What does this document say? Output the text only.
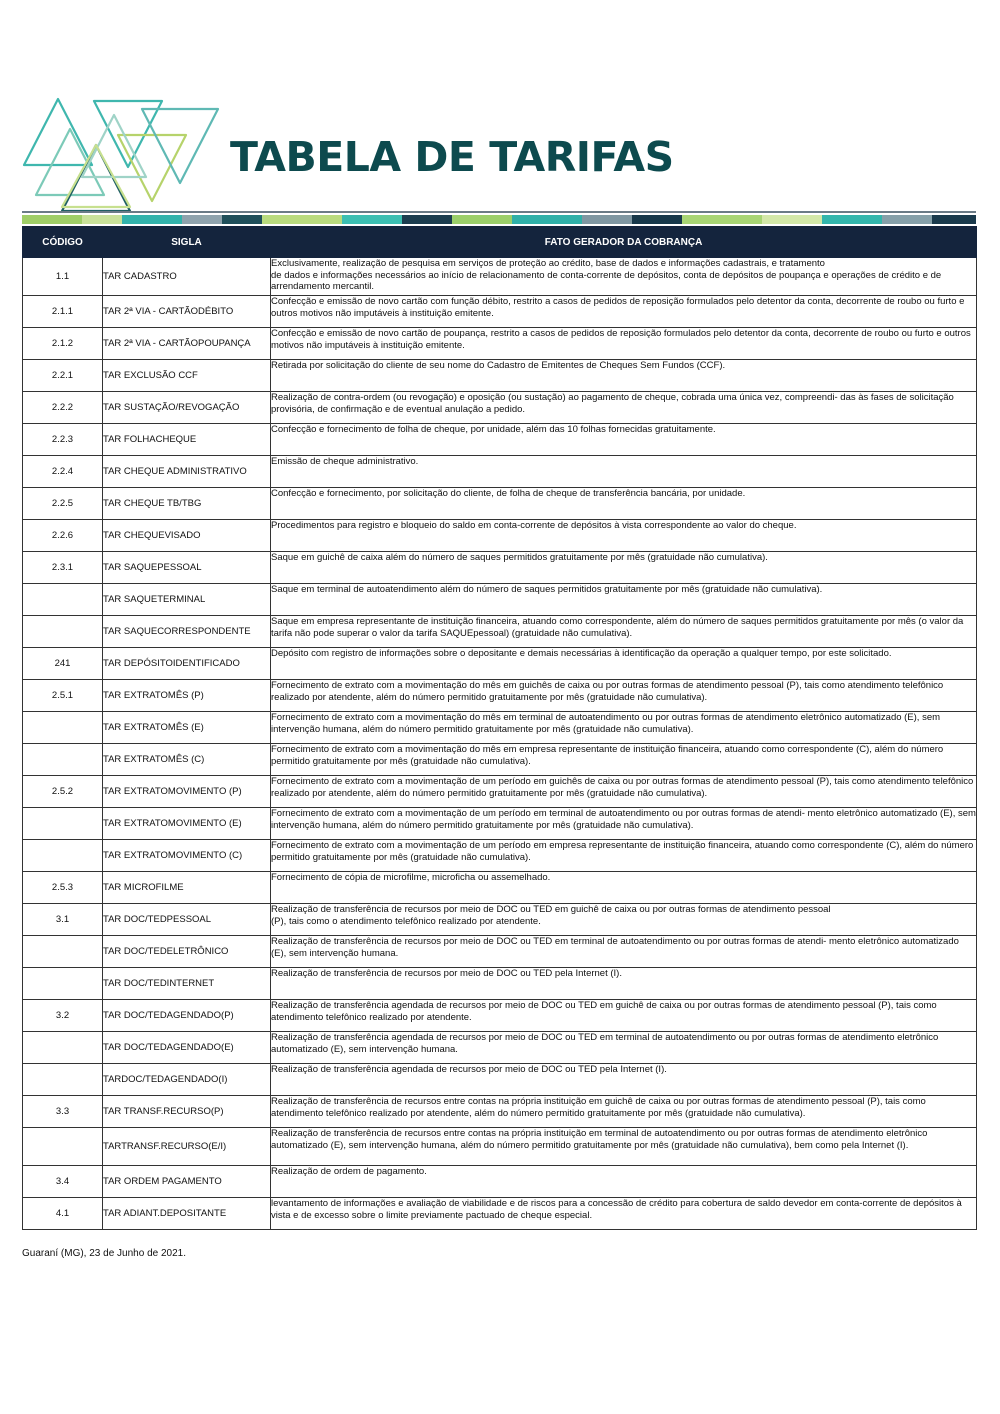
TABELA DE TARIFAS
CÓDIGO	SIGLA	FATO GERADOR DA COBRANÇA
1.1	TAR CADASTRO	Exclusivamente, realização de pesquisa em serviços de proteção ao crédito, base de dados e informações cadastrais, e tratamento
de dados e informações necessários ao início de relacionamento de conta-corrente de depósitos, conta de depósitos de poupança e operações de crédito e de arrendamento mercantil.
2.1.1	TAR 2ª VIA - CARTÃODÉBITO	Confecção e emissão de novo cartão com função débito, restrito a casos de pedidos de reposição formulados pelo detentor da conta, decorrente de roubo ou furto e outros motivos não imputáveis à instituição emitente.
2.1.2	TAR 2ª VIA - CARTÃOPOUPANÇA	Confecção e emissão de novo cartão de poupança, restrito a casos de pedidos de reposição formulados pelo detentor da conta, decorrente de roubo ou furto e outros motivos não imputáveis à instituição emitente.
2.2.1	TAR EXCLUSÃO CCF	Retirada por solicitação do cliente de seu nome do Cadastro de Emitentes de Cheques Sem Fundos (CCF).
2.2.2	TAR SUSTAÇÃO/REVOGAÇÃO	Realização de contra-ordem (ou revogação) e oposição (ou sustação) ao pagamento de cheque, cobrada uma única vez, compreendi- das às fases de solicitação provisória, de confirmação e de eventual anulação a pedido.
2.2.3	TAR FOLHACHEQUE	Confecção e fornecimento de folha de cheque, por unidade, além das 10 folhas fornecidas gratuitamente.
2.2.4	TAR CHEQUE ADMINISTRATIVO	Emissão de cheque administrativo.
2.2.5	TAR CHEQUE TB/TBG	Confecção e fornecimento, por solicitação do cliente, de folha de cheque de transferência bancária, por unidade.
2.2.6	TAR CHEQUEVISADO	Procedimentos para registro e bloqueio do saldo em conta-corrente de depósitos à vista correspondente ao valor do cheque.
2.3.1	TAR SAQUEPESSOAL	Saque em guichê de caixa além do número de saques permitidos gratuitamente por mês (gratuidade não cumulativa).
	TAR SAQUETERMINAL	Saque em terminal de autoatendimento além do número de saques permitidos gratuitamente por mês (gratuidade não cumulativa).
	TAR SAQUECORRESPONDENTE	Saque em empresa representante de instituição financeira, atuando como correspondente, além do número de saques permitidos gratuitamente por mês (o valor da tarifa não pode superar o valor da tarifa SAQUEpessoal) (gratuidade não cumulativa).
241	TAR DEPÓSITOIDENTIFICADO	Depósito com registro de informações sobre o depositante e demais necessárias à identificação da operação a qualquer tempo, por este solicitado.
2.5.1	TAR EXTRATOMÊS (P)	Fornecimento de extrato com a movimentação do mês em guichês de caixa ou por outras formas de atendimento pessoal (P), tais como atendimento telefônico realizado por atendente, além do número permitido gratuitamente por mês (gratuidade não cumulativa).
	TAR EXTRATOMÊS (E)	Fornecimento de extrato com a movimentação do mês em terminal de autoatendimento ou por outras formas de atendimento eletrônico automatizado (E), sem intervenção humana, além do número permitido gratuitamente por mês (gratuidade não cumulativa).
	TAR EXTRATOMÊS (C)	Fornecimento de extrato com a movimentação do mês em empresa representante de instituição financeira, atuando como correspondente (C), além do número permitido gratuitamente por mês (gratuidade não cumulativa).
2.5.2	TAR EXTRATOMOVIMENTO (P)	Fornecimento de extrato com a movimentação de um período em guichês de caixa ou por outras formas de atendimento pessoal (P), tais como atendimento telefônico realizado por atendente, além do número permitido gratuitamente por mês (gratuidade não cumulativa).
	TAR EXTRATOMOVIMENTO (E)	Fornecimento de extrato com a movimentação de um período em terminal de autoatendimento ou por outras formas de atendi- mento eletrônico automatizado (E), sem intervenção humana, além do número permitido gratuitamente por mês (gratuidade não cumulativa).
	TAR EXTRATOMOVIMENTO (C)	Fornecimento de extrato com a movimentação de um período em empresa representante de instituição financeira, atuando como correspondente (C), além do número permitido gratuitamente por mês (gratuidade não cumulativa).
2.5.3	TAR MICROFILME	Fornecimento de cópia de microfilme, microficha ou assemelhado.
3.1	TAR DOC/TEDPESSOAL	Realização de transferência de recursos por meio de DOC ou TED em guichê de caixa ou por outras formas de atendimento pessoal
(P), tais como o atendimento telefônico realizado por atendente.
	TAR DOC/TEDELETRÔNICO	Realização de transferência de recursos por meio de DOC ou TED em terminal de autoatendimento ou por outras formas de atendi- mento eletrônico automatizado (E), sem intervenção humana.
	TAR DOC/TEDINTERNET	Realização de transferência de recursos por meio de DOC ou TED pela Internet (I).
3.2	TAR DOC/TEDAGENDADO(P)	Realização de transferência agendada de recursos por meio de DOC ou TED em guichê de caixa ou por outras formas de atendimento pessoal (P), tais como atendimento telefônico realizado por atendente.
	TAR DOC/TEDAGENDADO(E)	Realização de transferência agendada de recursos por meio de DOC ou TED em terminal de autoatendimento ou por outras formas de atendimento eletrônico automatizado (E), sem intervenção humana.
	TARDOC/TEDAGENDADO(I)	Realização de transferência agendada de recursos por meio de DOC ou TED pela Internet (I).
3.3	TAR TRANSF.RECURSO(P)	Realização de transferência de recursos entre contas na própria instituição em guichê de caixa ou por outras formas de atendimento pessoal (P), tais como atendimento telefônico realizado por atendente, além do número permitido gratuitamente por mês (gratuidade não cumulativa).
	TARTRANSF.RECURSO(E/I)	Realização de transferência de recursos entre contas na própria instituição em terminal de autoatendimento ou por outras formas de atendimento eletrônico automatizado (E), sem intervenção humana, além do número permitido gratuitamente por mês (gratuidade não cumulativa), bem como pela Internet (I).
3.4	TAR ORDEM PAGAMENTO	Realização de ordem de pagamento.
4.1	TAR ADIANT.DEPOSITANTE	levantamento de informações e avaliação de viabilidade e de riscos para a concessão de crédito para cobertura de saldo devedor em conta-corrente de depósitos à vista e de excesso sobre o limite previamente pactuado de cheque especial.
Guaraní (MG), 23 de Junho de 2021.
